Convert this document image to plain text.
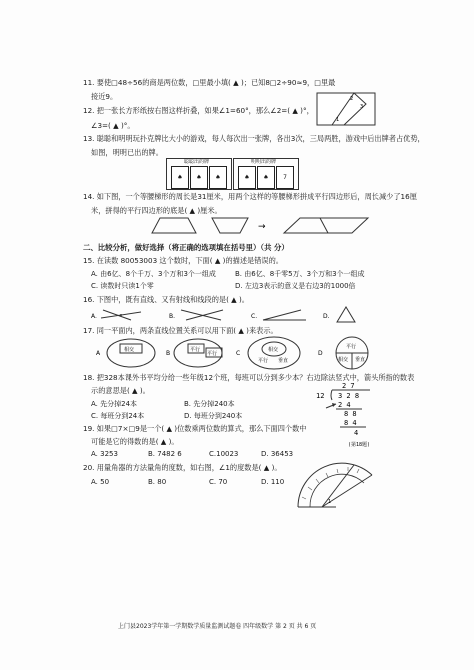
11. 要使□48÷56的商是两位数，□里最小填( ▲ )；已知8□2÷90≈9，□里最
接近9。
12. 把一张长方形纸按右图这样折叠，如果∠1=60°，那么∠2=( ▲ )°，
∠3=( ▲ )°。
1
2
3
13. 聪聪和明明玩扑克牌比大小的游戏，每人每次出一张牌，各出3次，三局两胜，游戏中后出牌者占优势，
如图，明明已出的牌。
聪聪出的牌
♠	♠	♠
明明出的牌
♠	♠	7
14. 如下图，一个等腰梯形的周长是31厘米，用两个这样的等腰梯形拼成平行四边形后，周长减少了16厘
米，拼得的平行四边形的底是( ▲ )厘米。
→
二、比较分析，做好选择（将正确的选项填在括号里）（共 分）
15. 在读数 80053003 这个数时，下面( ▲ )的描述是错误的。
A. 由6亿、8个千万、3个万和3个一组成	B. 由6亿、8千零5万、3个万和3个一组成
C. 读数时只读1个零	D. 左边3表示的意义是右边3的1000倍
16. 下图中，既有直线、又有射线和线段的是( ▲ )。
A.	B.	C.	D.
17. 同一平面内，两条直线位置关系可以用下面( ▲ )来表示。
A	相交	B	平行
平行	C	相交
平行 垂直
D
平行
相交 垂直
18. 把328本课外书平均分给一些年级12个班，每班可以分到多少本？右边除法竖式中，箭头所指的数表
示的意思是( ▲ )。
A. 先分掉24本	B. 先分掉240本
C. 每班分到24本	D. 每班分到240本
2 7
12 3 2 8
2 4
8 8
8 4
4
(第18题)
19. 如果□7×□9是一个( ▲ )位数乘两位数的算式，那么下面四个数中
可能是它的得数的是( ▲ )。
A. 3253	B. 7482 6	C.10023	D. 36453
20. 用量角器的方法量角的度数，如右图，∠1的度数是( ▲ )。
A. 50	B. 80	C. 70	D. 110
1
上门县2023学年第一学期数学质量监测试题卷 四年级数学 第 2 页 共 6 页
